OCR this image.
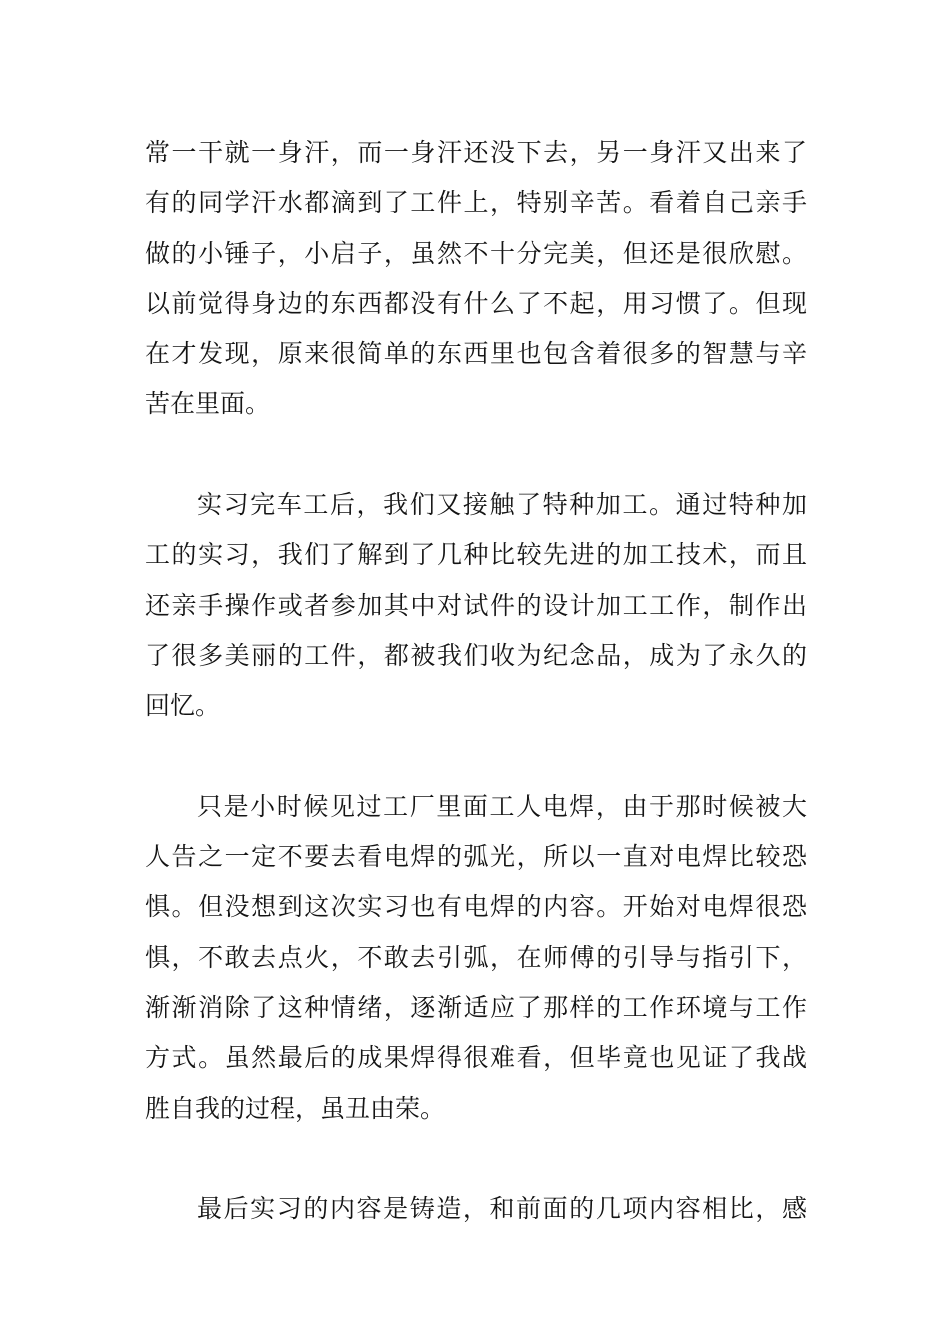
常一干就一身汗，而一身汗还没下去，另一身汗又出来了
有的同学汗水都滴到了工件上，特别辛苦。看着自己亲手
做的小锤子，小启子，虽然不十分完美，但还是很欣慰。
以前觉得身边的东西都没有什么了不起，用习惯了。但现
在才发现，原来很简单的东西里也包含着很多的智慧与辛
苦在里面。
实习完车工后，我们又接触了特种加工。通过特种加
工的实习，我们了解到了几种比较先进的加工技术，而且
还亲手操作或者参加其中对试件的设计加工工作，制作出
了很多美丽的工件，都被我们收为纪念品，成为了永久的
回忆。
只是小时候见过工厂里面工人电焊，由于那时候被大
人告之一定不要去看电焊的弧光，所以一直对电焊比较恐
惧。但没想到这次实习也有电焊的内容。开始对电焊很恐
惧，不敢去点火，不敢去引弧，在师傅的引导与指引下，
渐渐消除了这种情绪，逐渐适应了那样的工作环境与工作
方式。虽然最后的成果焊得很难看，但毕竟也见证了我战
胜自我的过程，虽丑由荣。
最后实习的内容是铸造，和前面的几项内容相比，感
